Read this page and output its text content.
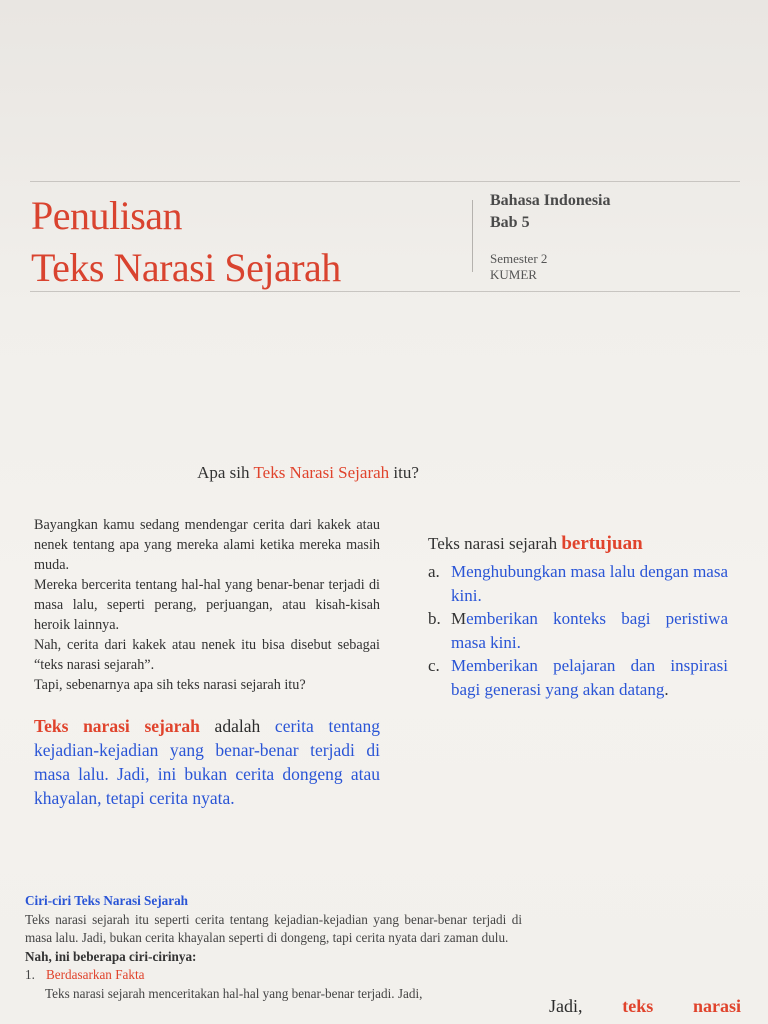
Penulisan
Teks Narasi Sejarah
Bahasa Indonesia
Bab 5
Semester 2
KUMER
Apa sih Teks Narasi Sejarah itu?

Bayangkan kamu sedang mendengar cerita dari kakek atau nenek tentang apa yang mereka alami ketika mereka masih muda.

Mereka bercerita tentang hal-hal yang benar-benar terjadi di masa lalu, seperti perang, perjuangan, atau kisah-kisah heroik lainnya.

Nah, cerita dari kakek atau nenek itu bisa disebut sebagai “teks narasi sejarah”.

Tapi, sebenarnya apa sih teks narasi sejarah itu?

Teks narasi sejarah adalah cerita tentang kejadian-kejadian yang benar-benar terjadi di masa lalu. Jadi, ini bukan cerita dongeng atau khayalan, tetapi cerita nyata.
Teks narasi sejarah bertujuan
a. Menghubungkan masa lalu dengan masa kini.
b. Memberikan konteks bagi peristiwa masa kini.
c. Memberikan pelajaran dan inspirasi bagi generasi yang akan datang.
Ciri-ciri Teks Narasi Sejarah

Teks narasi sejarah itu seperti cerita tentang kejadian-kejadian yang benar-benar terjadi di masa lalu. Jadi, bukan cerita khayalan seperti di dongeng, tapi cerita nyata dari zaman dulu.

Nah, ini beberapa ciri-cirinya:
1. Berdasarkan Fakta
Teks narasi sejarah menceritakan hal-hal yang benar-benar terjadi. Jadi,
Jadi, teks narasi
